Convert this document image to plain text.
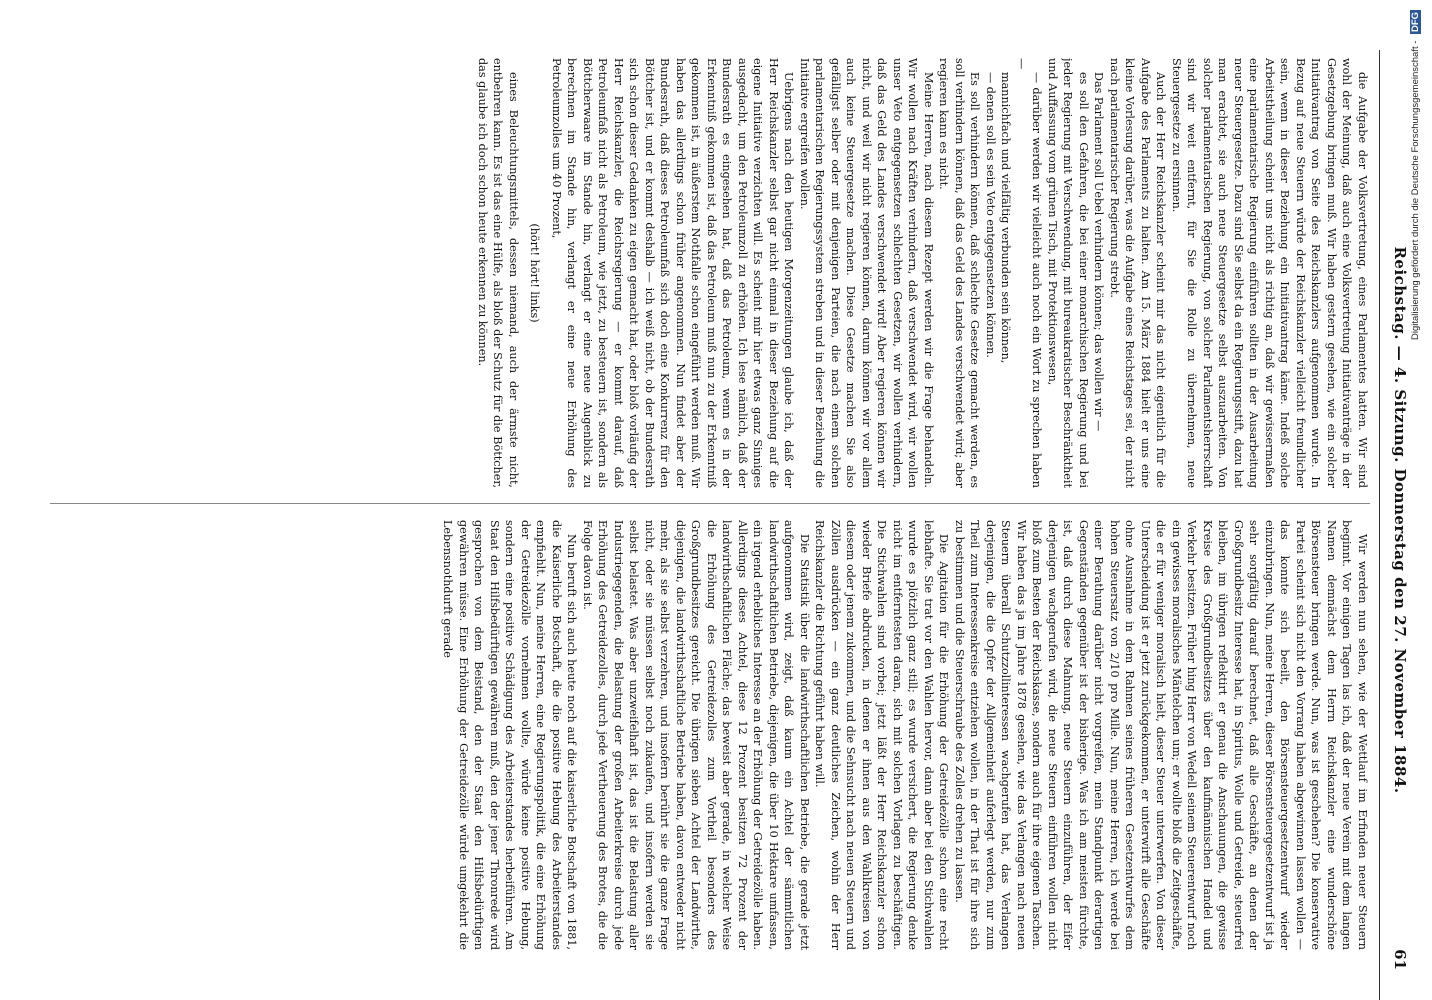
Reichstag. — 4. Sitzung. Donnerstag den 27. November 1884.
61

die Aufgabe der Volksvertretung, eines Parlamentes hatten. Wir sind wohl der Meinung, daß auch eine Volksvertretung Initiativanträge in der Gesetzgebung bringen muß. Wir haben gestern gesehen, wie ein solcher Initiativantrag von Seite des Reichskanzlers aufgenommen wurde. In Bezug auf neue Steuern würde der Reichskanzler vielleicht freundlicher sein, wenn in dieser Beziehung ein Initiativantrag käme. Indeß solche Arbeitstheilung scheint uns nicht als richtig an, daß wir gewissermaßen eine parlamentarische Regierung einführen sollten in der Ausarbeitung neuer Steuergesetze. Dazu sind Sie selbst da ein Regierungsstift, dazu hat man erachtet, sie auch neue Steuergesetze selbst auszuarbeiten. Von solcher parlamentarischen Regierung, von solcher Parlamentsherrschaft sind wir weit entfernt, für Sie die Rolle zu übernehmen, neue Steuergesetze zu ersinnen.

Auch der Herr Reichskanzler scheint mir das nicht eigentlich für die Aufgabe des Parlaments zu halten. Am 15. März 1884 hielt er uns eine kleine Vorlesung darüber, was die Aufgabe eines Reichstages sei, der nicht nach parlamentarischer Regierung strebt.

Das Parlament soll Uebel verhindern können; das wollen wir —

es soll den Gefahren, die bei einer monarchischen Regierung und bei jeder Regierung mit Verschwendung, mit bureaukratischer Beschränktheit und Auffassung vom grünen Tisch, mit Protektionswesen,

— darüber werden wir vielleicht auch noch ein Wort zu sprechen haben —

mannichfach und vielfältig verbunden sein können,

— denen soll es sein Veto entgegensetzen können.

Es soll verhindern können, daß schlechte Gesetze gemacht werden, es soll verhindern können, daß das Geld des Landes verschwendet wird; aber regieren kann es nicht.

Meine Herren, nach diesem Rezept werden wir die Frage behandeln. Wir wollen nach Kräften verhindern, daß verschwendet wird, wir wollen unser Veto entgegensetzen schlechten Gesetzen, wir wollen verhindern, daß das Geld des Landes verschwendet wird! Aber regieren können wir nicht, und weil wir nicht regieren können, darum können wir vor allem auch keine Steuergesetze machen. Diese Gesetze machen Sie also gefälligst selber oder mit denjenigen Parteien, die nach einem solchen parlamentarischen Regierungssystem streben und in dieser Beziehung die Initiative ergreifen wollen.

Uebrigens nach den heutigen Morgenzeitungen glaube ich, daß der Herr Reichskanzler selbst gar nicht einmal in dieser Beziehung auf die eigene Initiative verzichten will. Es scheint mir hier etwas ganz Sinniges ausgedacht, um den Petroleumzoll zu erhöhen. Ich lese nämlich, daß der Bundesrath es eingesehen hat, daß das Petroleum, wenn es in der Erkenntniß gekommen ist, daß das Petroleum muß nun zu der Erkenntniß gekommen ist, in äußerstem Nothfalle schon eingeführt werden muß. Wir haben das allerdings schon früher angenommen. Nun findet aber der Bundesrath, daß dieses Petroleumfaß sich doch eine Konkurrenz für den Böttcher ist, und er kommt deshalb — ich weiß nicht, ob der Bundesrath sich schon dieser Gedanken zu eigen gemacht hat, oder bloß vorläufig der Herr Reichskanzler, die Reichsregierung — er kommt darauf, daß Petroleumfaß nicht als Petroleum, wie jetzt, zu besteuern ist, sondern als Böttcherwaare im Stande hin, verlangt er eine neue Augenblick zu berechnen im Stande hin, verlangt er eine neue Erhöhung des Petroleumzolles um 40 Prozent,

(hört! hört! links)

eines Beleuchtungsmittels, dessen niemand, auch der ärmste nicht, entbehren kann. Es ist das eine Hülfe, als bloß der Schutz für die Böttcher, das glaube ich doch schon heute erkennen zu können.

Wir werden nun sehen, wie der Wettlauf im Erfinden neuer Steuern beginnt. Vor einigen Tagen las ich, daß der neue Verein mit dem langen Namen demnächst dem Herrn Reichskanzler eine wunderschöne Börsensteuer bringen werde. Nun, was ist geschehen? Die konservative Partei scheint sich nicht den Vorrang haben abgewinnen lassen wollen — das konnte sich beeilt, den Börsensteuergesetzentwurf wieder einzubringen. Nun, meine Herren, dieser Börsensteuergesetzentwurf ist ja sehr sorgfältig darauf berechnet, daß alle Geschäfte, an denen der Großgrundbesitz Interesse hat, in Spiritus, Wolle und Getreide, steuerfrei bleiben, im übrigen reflektirt er genau die Anschauungen, die gewisse Kreise des Großgrundbesitzes über den kaufmännischen Handel und Verkehr besitzen. Früher hing Herr von Wedell seinem Steuerentwurf noch ein gewisses moralisches Mäntelchen um; er wollte bloß die Zeitgeschäfte, die er für weniger moralisch hielt, dieser Steuer unterwerfen. Von dieser Unterscheidung ist er jetzt zurückgekommen, er unterwirft alle Geschäfte ohne Ausnahme in dem Rahmen seines früheren Gesetzentwurfes dem hohen Steuersatz von 2/10 pro Mille. Nun, meine Herren, ich werde bei einer Berathung darüber nicht vorgreifen, mein Standpunkt derartigen Gegenständen gegenüber ist der bisherige. Was ich am meisten fürchte, ist, daß durch diese Mahnung, neue Steuern einzuführen, der Eifer derjenigen wachgerufen wird, die neue Steuern einführen wollen nicht bloß zum Besten der Reichskasse, sondern auch für ihre eigenen Taschen. Wir haben das ja im Jahre 1878 gesehen, wie das Verlangen nach neuen Steuern überall Schutzzollinteressen wachgerufen hat, das Verlangen derjenigen, die die Opfer der Allgemeinheit auferlegt werden, nur zum Theil zum Interessenkreise entziehen wollen, in der That ist für ihre sich zu bestimmen und die Steuerschraube des Zolles drehen zu lassen.

Die Agitation für die Erhöhung der Getreidezölle schon eine recht lebhafte. Sie trat vor den Wahlen hervor, dann aber bei den Stichwahlen wurde es plötzlich ganz still; es wurde versichert, die Regierung denke nicht im entferntesten daran, sich mit solchen Vorlagen zu beschäftigen. Die Stichwahlen sind vorbei; jetzt läßt der Herr Reichskanzler schon wieder Briefe abdrucken, in denen er ihnen aus den Wahlkreisen von diesem oder jenem zukommen, und die Sehnsucht nach neuen Steuern und Zöllen ausdrücken — ein ganz deutliches Zeichen, wohin der Herr Reichskanzler die Richtung geführt haben will.

Die Statistik über die landwirthschaftlichen Betriebe, die gerade jetzt aufgenommen wird, zeigt, daß kaum ein Achtel der sämmtlichen landwirthschaftlichen Betriebe, diejenigen, die über 10 Hektare umfassen, ein irgend erhebliches Interesse an der Erhöhung der Getreidezölle haben. Allerdings dieses Achtel, diese 12 Prozent besitzen 72 Prozent der landwirthschaftlichen Fläche; das beweist aber gerade, in welcher Weise die Erhöhung des Getreidezolles zum Vortheil besonders des Großgrundbesitzes gereicht. Die übrigen sieben Achtel der Landwirthe, diejenigen, die landwirthschaftliche Betriebe haben, davon entweder nicht mehr, als sie selbst verzehren, und insofern berührt sie die ganze Frage nicht, oder sie müssen selbst noch zukaufen, und insofern werden sie selbst belastet. Was aber unzweifelhaft ist, das ist die Belastung aller Industriegegenden, die Belastung der großen Arbeiterkreise durch jede Erhöhung des Getreidezolles, durch jede Vertheuerung des Brotes, die die Folge davon ist.

Nun beruft sich auch heute noch auf die kaiserliche Botschaft von 1881, die Kaiserliche Botschaft, die die positive Hebung des Arbeiterstandes empfiehlt. Nun, meine Herren, eine Regierungspolitik, die eine Erhöhung der Getreidezölle vornehmen wollte, würde keine positive Hebung, sondern eine positive Schädigung des Arbeiterstandes herbeiführen. Am Staat den Hilfsbedürftigen gewähren muß, den der jener Thronrede wird gesprochen von dem Beistand, den der Staat den Hilfsbedürftigen gewähren müsse. Eine Erhöhung der Getreidezölle würde umgekehrt die Lebensnothdurft gerade

Digitalisierung gefördert durch die Deutsche Forschungsgemeinschaft - DFG
